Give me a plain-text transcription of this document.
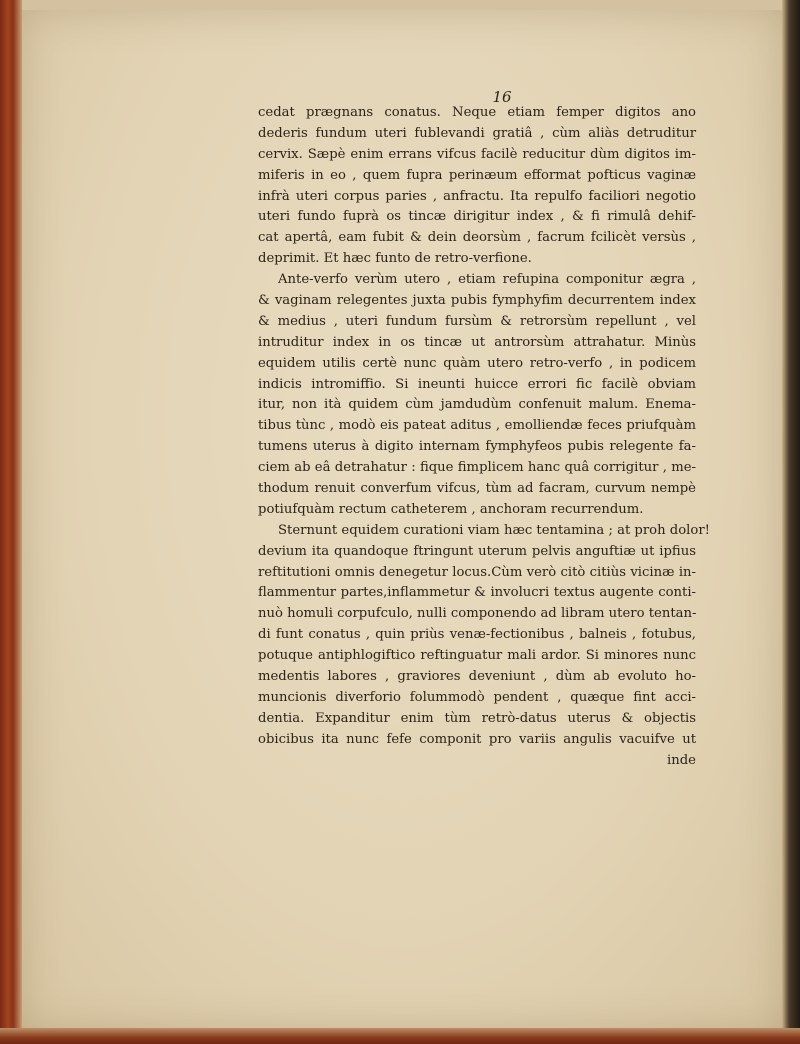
16
cedat prægnans conatus. Neque etiam femper digitos ano
dederis fundum uteri fublevandi gratiâ , cùm aliàs detruditur
cervix. Sæpè enim errans vifcus facilè reducitur dùm digitos im-
miferis in eo , quem fupra perinæum efformat pofticus vaginæ
infrà uteri corpus paries , anfractu. Ita repulfo faciliori negotio
uteri fundo fuprà os tincæ dirigitur index , & fi rimulâ dehif-
cat apertâ, eam fubit & dein deorsùm , facrum fcilicèt versùs ,
deprimit. Et hæc funto de retro-verfione.
Ante-verfo verùm utero , etiam refupina componitur ægra ,
& vaginam relegentes juxta pubis fymphyfim decurrentem index
& medius , uteri fundum fursùm & retrorsùm repellunt , vel
intruditur index in os tincæ ut antrorsùm attrahatur. Minùs
equidem utilis certè nunc quàm utero retro-verfo , in podicem
indicis intromiffio. Si ineunti huicce errori fic facilè obviam
itur, non ità quidem cùm jamdudùm confenuit malum. Enema-
tibus tùnc , modò eis pateat aditus , emolliendæ feces priufquàm
tumens uterus à digito internam fymphyfeos pubis relegente fa-
ciem ab eâ detrahatur : fique fimplicem hanc quâ corrigitur , me-
thodum renuit converfum vifcus, tùm ad facram, curvum nempè
potiufquàm rectum catheterem , anchoram recurrendum.
Sternunt equidem curationi viam hæc tentamina ; at proh dolor!
devium ita quandoque ftringunt uterum pelvis anguftiæ ut ipfius
reftitutioni omnis denegetur locus.Cùm verò citò citiùs vicinæ in-
flammentur partes,inflammetur & involucri textus augente conti-
nuò homuli corpufculo, nulli componendo ad libram utero tentan-
di funt conatus , quin priùs venæ-fectionibus , balneis , fotubus,
potuque antiphlogiftico reftinguatur mali ardor. Si minores nunc
medentis labores , graviores deveniunt , dùm ab evoluto ho-
muncionis diverforio folummodò pendent , quæque fint acci-
dentia. Expanditur enim tùm retrò-datus uterus & objectis
obicibus ita nunc fefe componit pro variis angulis vacuifve ut
inde
